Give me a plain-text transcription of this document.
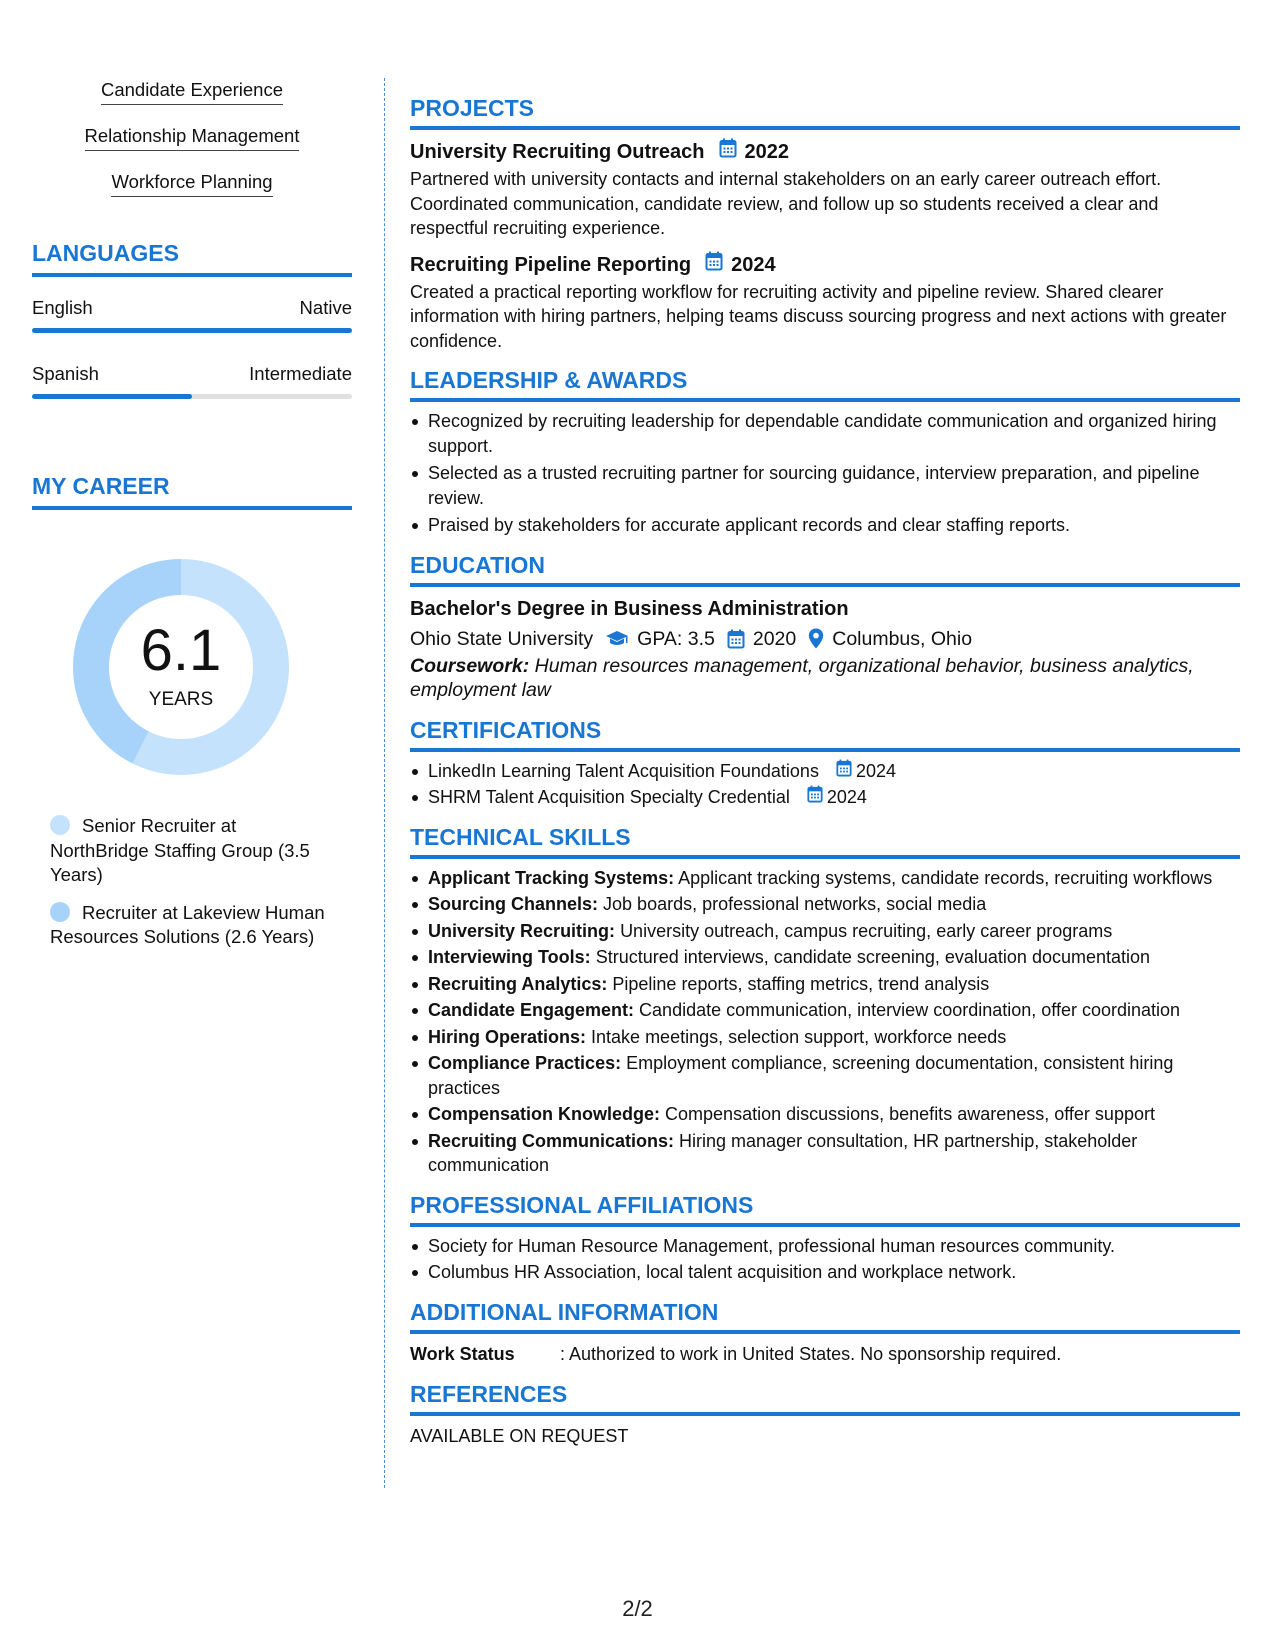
Candidate Experience
Relationship Management
Workforce Planning
LANGUAGES
English	Native
Spanish	Intermediate
MY CAREER
6.1
YEARS
Senior Recruiter at NorthBridge Staffing Group (3.5 Years)
Recruiter at Lakeview Human Resources Solutions (2.6 Years)
PROJECTS
University Recruiting Outreach 2022
Partnered with university contacts and internal stakeholders on an early career outreach effort. Coordinated communication, candidate review, and follow up so students received a clear and respectful recruiting experience.
Recruiting Pipeline Reporting 2024
Created a practical reporting workflow for recruiting activity and pipeline review. Shared clearer information with hiring partners, helping teams discuss sourcing progress and next actions with greater confidence.
LEADERSHIP & AWARDS
Recognized by recruiting leadership for dependable candidate communication and organized hiring support.
Selected as a trusted recruiting partner for sourcing guidance, interview preparation, and pipeline review.
Praised by stakeholders for accurate applicant records and clear staffing reports.
EDUCATION
Bachelor's Degree in Business Administration
Ohio State University GPA: 3.5 2020 Columbus, Ohio
Coursework: Human resources management, organizational behavior, business analytics, employment law
CERTIFICATIONS
LinkedIn Learning Talent Acquisition Foundations 2024
SHRM Talent Acquisition Specialty Credential 2024
TECHNICAL SKILLS
Applicant Tracking Systems: Applicant tracking systems, candidate records, recruiting workflows
Sourcing Channels: Job boards, professional networks, social media
University Recruiting: University outreach, campus recruiting, early career programs
Interviewing Tools: Structured interviews, candidate screening, evaluation documentation
Recruiting Analytics: Pipeline reports, staffing metrics, trend analysis
Candidate Engagement: Candidate communication, interview coordination, offer coordination
Hiring Operations: Intake meetings, selection support, workforce needs
Compliance Practices: Employment compliance, screening documentation, consistent hiring practices
Compensation Knowledge: Compensation discussions, benefits awareness, offer support
Recruiting Communications: Hiring manager consultation, HR partnership, stakeholder communication
PROFESSIONAL AFFILIATIONS
Society for Human Resource Management, professional human resources community.
Columbus HR Association, local talent acquisition and workplace network.
ADDITIONAL INFORMATION
Work Status	: Authorized to work in United States. No sponsorship required.
REFERENCES
AVAILABLE ON REQUEST
2/2
